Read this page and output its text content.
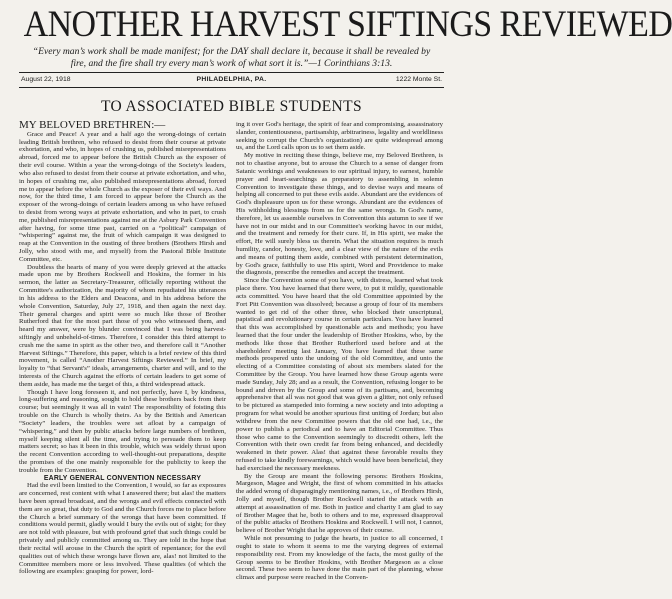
ANOTHER HARVEST SIFTINGS REVIEWED
“Every man’s work shall be made manifest; for the DAY shall declare it, because it shall be revealed by fire, and the fire shall try every man’s work of what sort it is.”—1 Corinthians 3:13.
August 22, 1918	PHILADELPHIA, PA.	1222 Monte St.
TO ASSOCIATED BIBLE STUDENTS

MY BELOVED BRETHREN:—

Grace and Peace! A year and a half ago the wrong-doings of certain leading British brethren, who refused to desist from their course at private exhortation, and who, in hopes of crushing us, published misrepresentations abroad, forced me to appear before the British Church as the exposer of their evil course. Within a year the wrong-doings of the Society's leaders, who also refused to desist from their course at private exhortation, and who, in hopes of crushing me, also published misrepresentations abroad, forced me to appear before the whole Church as the exposer of their evil ways. And now, for the third time, I am forced to appear before the Church as the exposer of the wrong-doings of certain leaders among us who have refused to desist from wrong ways at private exhortation, and who in part, to crush me, published misrepresentations against me at the Asbury Park Convention after having, for some time past, carried on a “political” campaign of “whispering” against me, the fruit of which campaign it was designed to reap at the Convention in the ousting of three brothers (Brothers Hirsh and Jolly, who stood with me, and myself) from the Pastoral Bible Institute Committee, etc.

Doubtless the hearts of many of you were deeply grieved at the attacks made upon me by Brothers Rockwell and Hoskins, the former in his sermon, the latter as Secretary-Treasurer, officially reporting without the Committee's authorization, the majority of whom repudiated his utterances in his address to the Elders and Deacons, and in his address before the whole Convention, Saturday, July 27, 1918, and then again the next day. Their general charges and spirit were so much like those of Brother Rutherford that for the most part those of you who witnessed them, and heard my answer, were by blunder convinced that I was being harvest-siftingly and unbeheld-of-times. Therefore, I consider this third attempt to crush me the same in spirit as the other two, and therefore call it “Another Harvest Siftings.” Therefore, this paper, which is a brief review of this third movement, is called “Another Harvest Siftings Reviewed.” In brief, my loyalty to “that Servant's” ideals, arrangements, charter and will, and to the interests of the Church against the efforts of certain leaders to get some of them aside, has made me the target of this, a third widespread attack.

Though I have long foreseen it, and not perfectly, have I, by kindness, long-suffering and reasoning, sought to hold these brothers back from their course; but seemingly it was all in vain! The responsibility of foisting this trouble on the Church is wholly theirs. As by the British and American “Society” leaders, the troubles were set afloat by a campaign of “whispering,” and then by public attacks before large numbers of brethren, myself keeping silent all the time, and trying to persuade them to keep matters secret; so has it been in this trouble, which was widely thrust upon the recent Convention according to well-thought-out preparations, despite the promises of the one mainly responsible for the publicity to keep the trouble from the Convention.

EARLY GENERAL CONVENTION NECESSARY

Had the evil been limited to the Convention, I would, so far as exposures are concerned, rest content with what I answered there; but alas! the matters have been spread broadcast, and the wrongs and evil effects connected with them are so great, that duty to God and the Church forces me to place before the Church a brief summary of the wrongs that have been committed. If conditions would permit, gladly would I bury the evils out of sight; for they are not told with pleasure, but with profound grief that such things could be privately and publicly committed among us. They are told in the hope that their recital will arouse in the Church the spirit of repentance; for the evil qualities out of which these wrongs have flown are, alas! not limited to the Committee members more or less involved. These qualities (of which the following are examples: grasping for power, lord-

ing it over God's heritage, the spirit of fear and compromising, assassinatory slander, contentiousness, partisanship, arbitrariness, legality and worldliness seeking to corrupt the Church's organization) are quite widespread among us, and the Lord calls upon us to set them aside.

My motive in reciting these things, believe me, my Beloved Brethren, is not to chastise anyone, but to arouse the Church to a sense of danger from Satanic workings and weaknesses to our spiritual injury, to earnest, humble prayer and heart-searchings as preparatory to assembling in solemn Convention to investigate these things, and to devise ways and means of helping all concerned to put these evils aside. Abundant are the evidences of God's displeasure upon us for these wrongs. Abundant are the evidences of His withholding blessings from us for the same wrongs. In God's name, therefore, let us assemble ourselves in Convention this autumn to see if we have not in our midst and in our Committee's working havoc in our midst, and the treatment and remedy for their cure. If, in His spirit, we make the effort, He will surely bless us therein. What the situation requires is much humility, candor, honesty, love, and a clear view of the nature of the evils and means of putting them aside, combined with persistent determination, by God's grace, faithfully to use His spirit, Word and Providence to make the diagnosis, prescribe the remedies and accept the treatment.

Since the Convention some of you have, with distress, learned what took place there. You have learned that there were, to put it mildly, questionable acts committed. You have heard that the old Committee appointed by the Fort Pitt Convention was dissolved; because a group of four of its members wanted to get rid of the other three, who blocked their unscriptural, papistical and revolutionary course in certain particulars. You have learned that this was accomplished by questionable acts and methods; you have learned that the four under the leadership of Brother Hoskins, who, by the methods like those that Brother Rutherford used before and at the shareholders' meeting last January, You have learned that these same methods prospered unto the undoing of the old Committee, and unto the electing of a Committee consisting of about six members slated for the Committee by the Group. You have learned how these Group agents were made Sunday, July 28; and as a result, the Convention, refusing longer to be bound and driven by the Group and some of its partisans, and, becoming apprehensive that all was not good that was given a glitter, not only refused to be pictured as stampeded into forming a new society and into adopting a program for what would be another spurious first uniting of Jordan; but also withdrew from the new Committee powers that the old one had, i.e., the power to publish a periodical and to have an Editorial Committee. Thus those who came to the Convention seemingly to discredit others, left the Convention with their own credit far from being enhanced, and decidedly weakened in their power. Alas! that against these favorable results they refused to take kindly forewarnings, which would have been beneficial, they had exercised the necessary meekness.

By the Group are meant the following persons: Brothers Hoskins, Margeson, Magee and Wright, the first of whom committed in his attacks the added wrong of disparagingly mentioning names, i.e., of Brothers Hirsh, Jolly and myself, though Brother Rockwell started the attack with an attempt at assassination of me. Both in justice and charity I am glad to say of Brother Magee that he, both to others and to me, expressed disapproval of the public attacks of Brothers Hoskins and Rockwell. I will not, I cannot, believe of Brother Wright that he approves of their course.

While not presuming to judge the hearts, in justice to all concerned, I ought to state to whom it seems to me the varying degrees of external responsibility rest. From my knowledge of the facts, the most guilty of the Group seems to be Brother Hoskins, with Brother Margeson as a close second. These two seem to have done the main part of the planning, whose climax and purpose were reached in the Conven-
